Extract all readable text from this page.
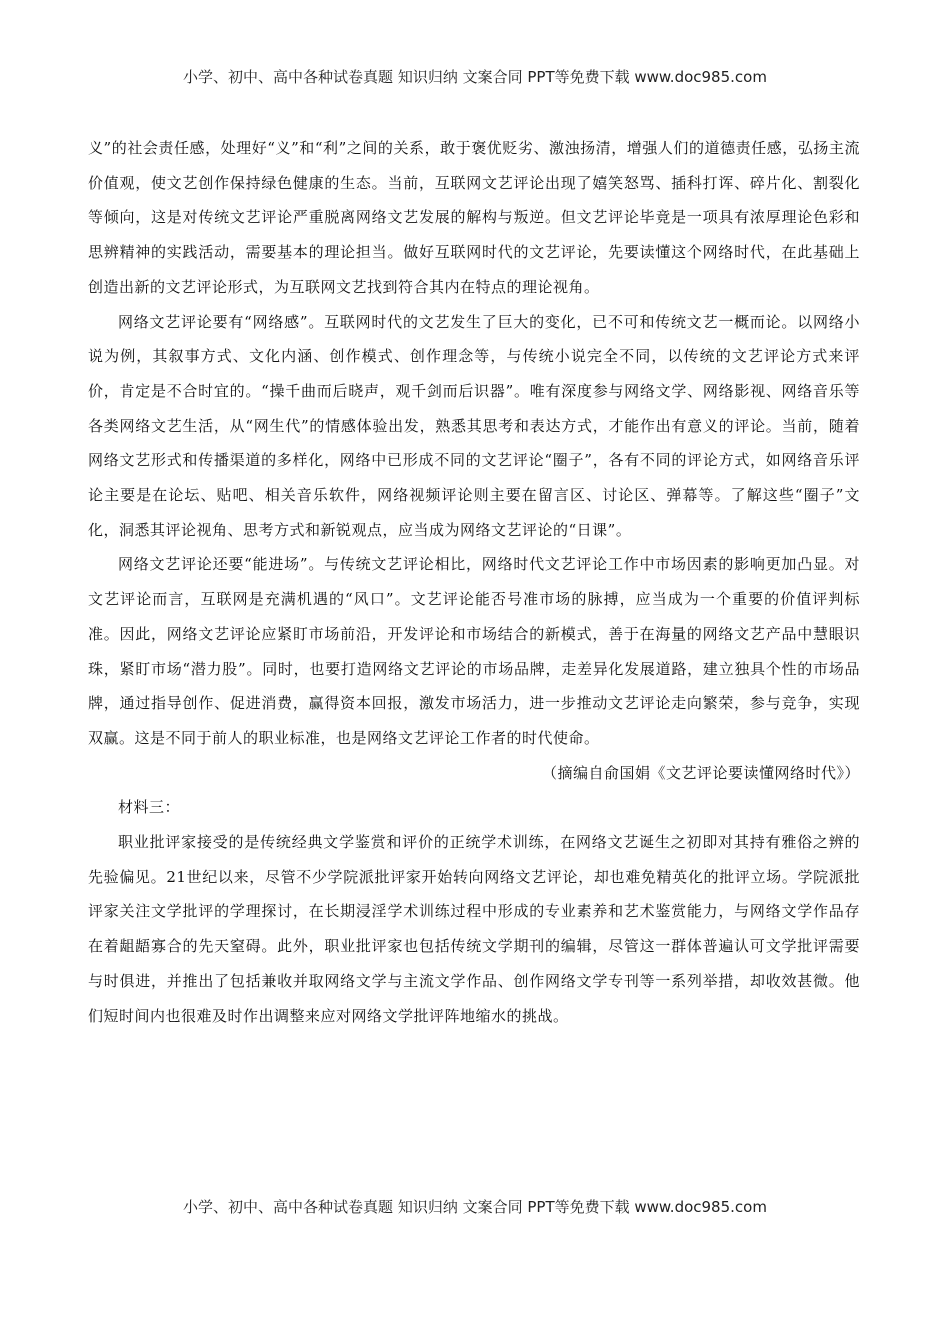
小学、初中、高中各种试卷真题 知识归纳 文案合同 PPT等免费下载 www.doc985.com

义”的社会责任感，处理好“义”和“利”之间的关系，敢于褒优贬劣、激浊扬清，增强人们的道德责任感，弘扬主流价值观，使文艺创作保持绿色健康的生态。当前，互联网文艺评论出现了嬉笑怒骂、插科打诨、碎片化、割裂化等倾向，这是对传统文艺评论严重脱离网络文艺发展的解构与叛逆。但文艺评论毕竟是一项具有浓厚理论色彩和思辨精神的实践活动，需要基本的理论担当。做好互联网时代的文艺评论，先要读懂这个网络时代，在此基础上创造出新的文艺评论形式，为互联网文艺找到符合其内在特点的理论视角。

网络文艺评论要有“网络感”。互联网时代的文艺发生了巨大的变化，已不可和传统文艺一概而论。以网络小说为例，其叙事方式、文化内涵、创作模式、创作理念等，与传统小说完全不同，以传统的文艺评论方式来评价，肯定是不合时宜的。“操千曲而后晓声，观千剑而后识器”。唯有深度参与网络文学、网络影视、网络音乐等各类网络文艺生活，从“网生代”的情感体验出发，熟悉其思考和表达方式，才能作出有意义的评论。当前，随着网络文艺形式和传播渠道的多样化，网络中已形成不同的文艺评论“圈子”，各有不同的评论方式，如网络音乐评论主要是在论坛、贴吧、相关音乐软件，网络视频评论则主要在留言区、讨论区、弹幕等。了解这些“圈子”文化，洞悉其评论视角、思考方式和新锐观点，应当成为网络文艺评论的“日课”。

网络文艺评论还要“能进场”。与传统文艺评论相比，网络时代文艺评论工作中市场因素的影响更加凸显。对文艺评论而言，互联网是充满机遇的“风口”。文艺评论能否号准市场的脉搏，应当成为一个重要的价值评判标准。因此，网络文艺评论应紧盯市场前沿，开发评论和市场结合的新模式，善于在海量的网络文艺产品中慧眼识珠，紧盯市场“潜力股”。同时，也要打造网络文艺评论的市场品牌，走差异化发展道路，建立独具个性的市场品牌，通过指导创作、促进消费，赢得资本回报，激发市场活力，进一步推动文艺评论走向繁荣，参与竞争，实现双赢。这是不同于前人的职业标准，也是网络文艺评论工作者的时代使命。

（摘编自俞国娟《文艺评论要读懂网络时代》）

材料三：

职业批评家接受的是传统经典文学鉴赏和评价的正统学术训练，在网络文艺诞生之初即对其持有雅俗之辨的先验偏见。21世纪以来，尽管不少学院派批评家开始转向网络文艺评论，却也难免精英化的批评立场。学院派批评家关注文学批评的学理探讨，在长期浸淫学术训练过程中形成的专业素养和艺术鉴赏能力，与网络文学作品存在着龃龉寡合的先天窒碍。此外，职业批评家也包括传统文学期刊的编辑，尽管这一群体普遍认可文学批评需要与时俱进，并推出了包括兼收并取网络文学与主流文学作品、创作网络文学专刊等一系列举措，却收效甚微。他们短时间内也很难及时作出调整来应对网络文学批评阵地缩水的挑战。

小学、初中、高中各种试卷真题 知识归纳 文案合同 PPT等免费下载 www.doc985.com
